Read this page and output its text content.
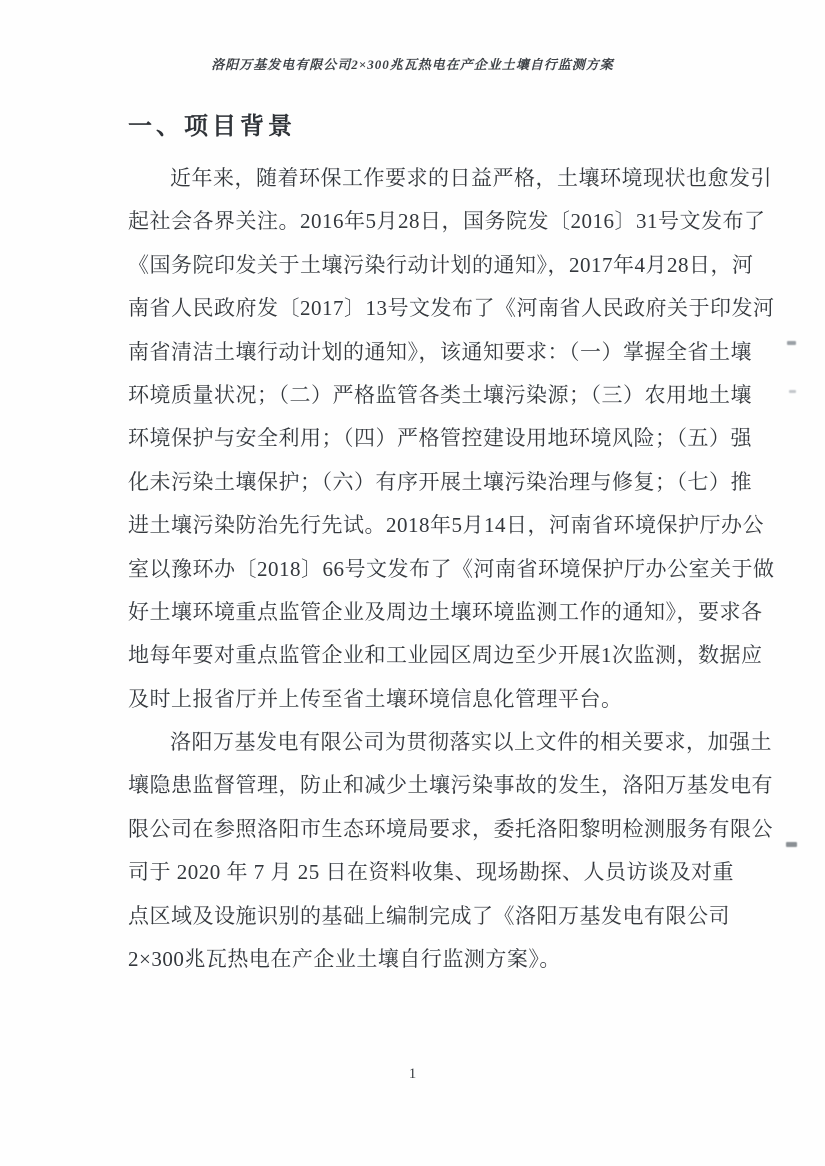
洛阳万基发电有限公司2×300兆瓦热电在产企业土壤自行监测方案
一、项目背景
近年来，随着环保工作要求的日益严格，土壤环境现状也愈发引
起社会各界关注。2016年5月28日，国务院发〔2016〕31号文发布了
《国务院印发关于土壤污染行动计划的通知》，2017年4月28日，河
南省人民政府发〔2017〕13号文发布了《河南省人民政府关于印发河
南省清洁土壤行动计划的通知》，该通知要求：（一）掌握全省土壤
环境质量状况；（二）严格监管各类土壤污染源；（三）农用地土壤
环境保护与安全利用；（四）严格管控建设用地环境风险；（五）强
化未污染土壤保护；（六）有序开展土壤污染治理与修复；（七）推
进土壤污染防治先行先试。2018年5月14日，河南省环境保护厅办公
室以豫环办〔2018〕66号文发布了《河南省环境保护厅办公室关于做
好土壤环境重点监管企业及周边土壤环境监测工作的通知》，要求各
地每年要对重点监管企业和工业园区周边至少开展1次监测，数据应
及时上报省厅并上传至省土壤环境信息化管理平台。
洛阳万基发电有限公司为贯彻落实以上文件的相关要求，加强土
壤隐患监督管理，防止和减少土壤污染事故的发生，洛阳万基发电有
限公司在参照洛阳市生态环境局要求，委托洛阳黎明检测服务有限公
司于 2020 年 7 月 25 日在资料收集、现场勘探、人员访谈及对重
点区域及设施识别的基础上编制完成了《洛阳万基发电有限公司
2×300兆瓦热电在产企业土壤自行监测方案》。
1
